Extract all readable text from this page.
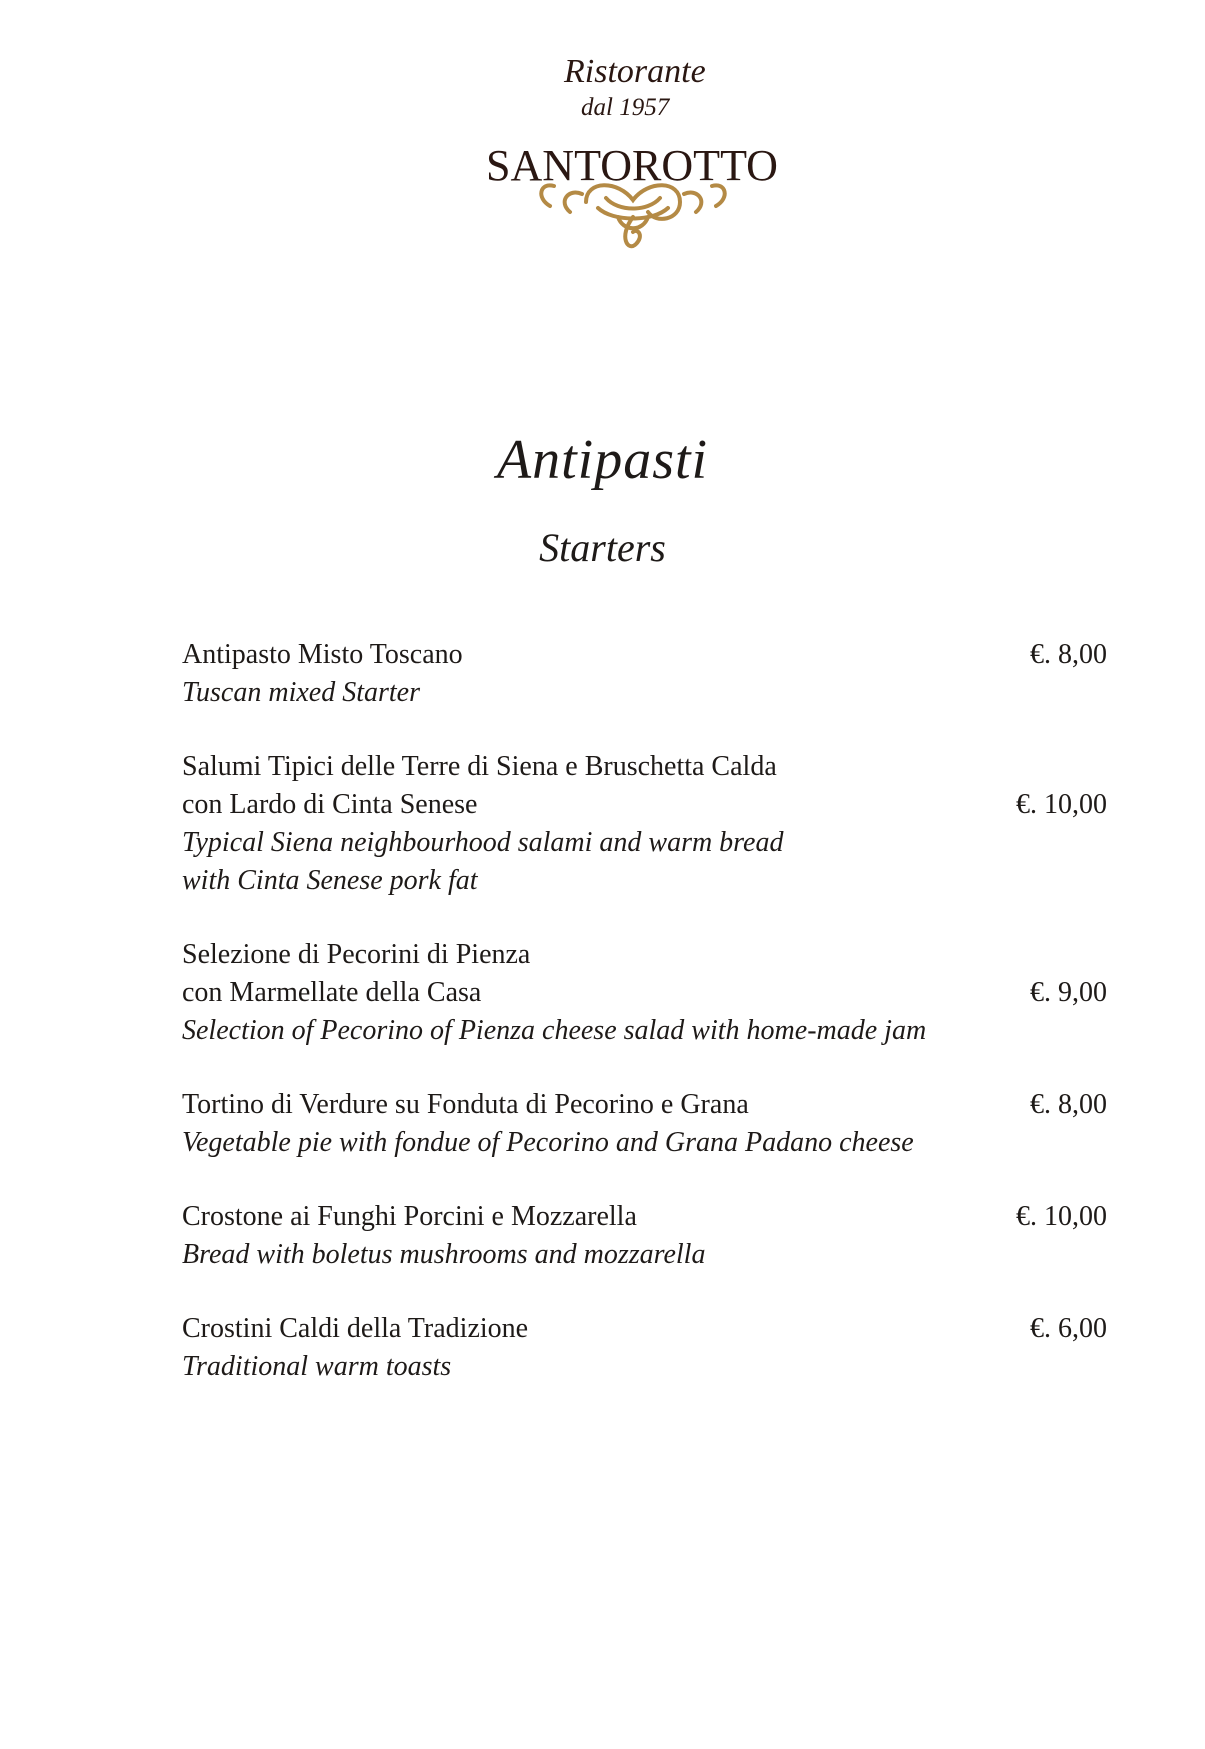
Ristorante
dal 1957
SANTOROTTO
Antipasti
Starters
Antipasto Misto Toscano
Tuscan mixed Starter
€. 8,00
Salumi Tipici delle Terre di Siena e Bruschetta Calda
con Lardo di Cinta Senese
Typical Siena neighbourhood salami and warm bread
with Cinta Senese pork fat
€. 10,00
Selezione di Pecorini di Pienza
con Marmellate della Casa
Selection of Pecorino of Pienza cheese salad with home-made jam
€. 9,00
Tortino di Verdure su Fonduta di Pecorino e Grana
Vegetable pie with fondue of Pecorino and Grana Padano cheese
€. 8,00
Crostone ai Funghi Porcini e Mozzarella
Bread with boletus mushrooms and mozzarella
€. 10,00
Crostini Caldi della Tradizione
Traditional warm toasts
€. 6,00
